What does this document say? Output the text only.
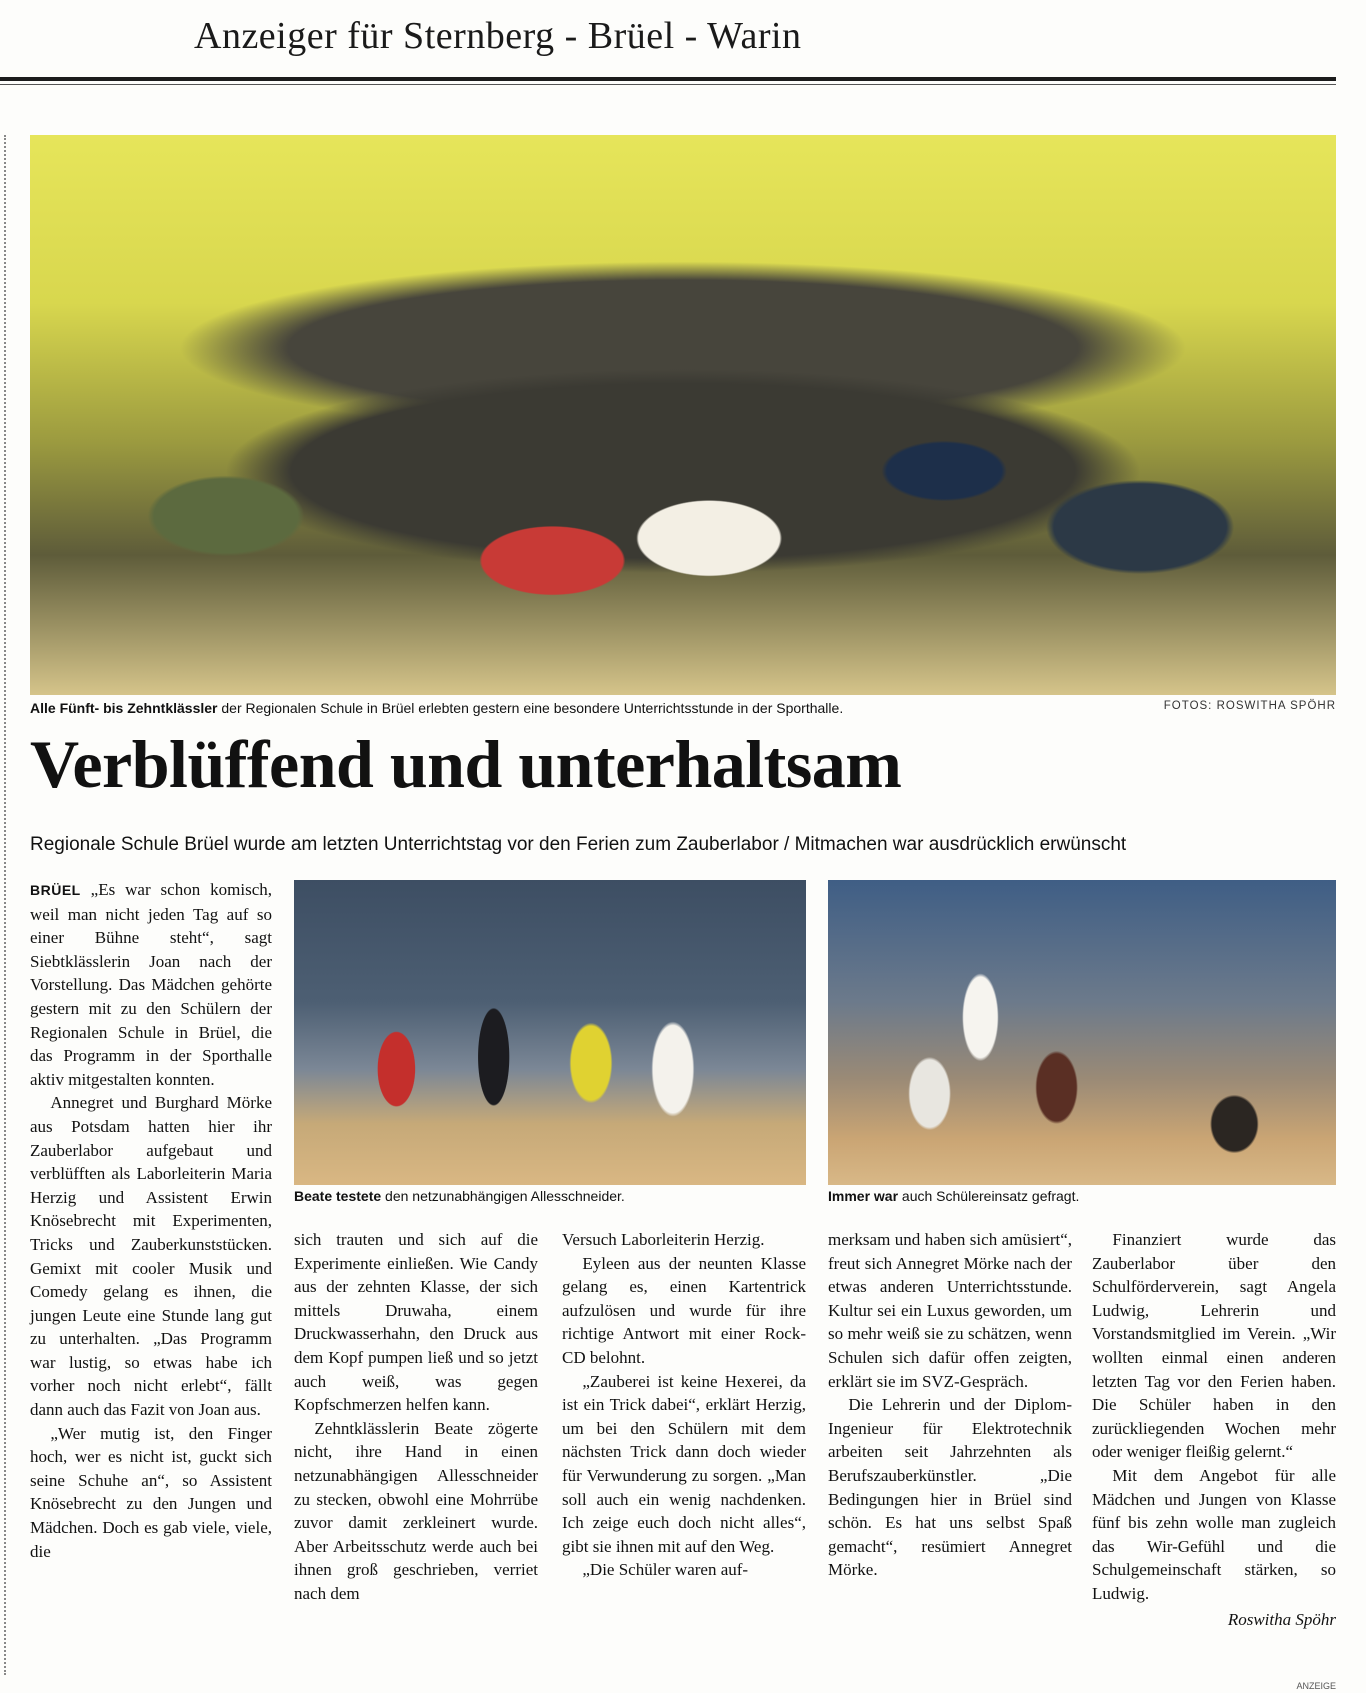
Anzeiger für Sternberg - Brüel - Warin
Alle Fünft- bis Zehntklässler der Regionalen Schule in Brüel erlebten gestern eine besondere Unterrichtsstunde in der Sporthalle.	FOTOS: ROSWITHA SPÖHR
Verblüffend und unterhaltsam
Regionale Schule Brüel wurde am letzten Unterrichtstag vor den Ferien zum Zauberlabor / Mitmachen war ausdrücklich erwünscht

BRÜEL „Es war schon komisch, weil man nicht jeden Tag auf so einer Bühne steht“, sagt Siebtklässlerin Joan nach der Vorstellung. Das Mädchen gehörte gestern mit zu den Schülern der Regionalen Schule in Brüel, die das Programm in der Sporthalle aktiv mitgestalten konnten.

Annegret und Burghard Mörke aus Potsdam hatten hier ihr Zauberlabor aufgebaut und verblüfften als Laborleiterin Maria Herzig und Assistent Erwin Knösebrecht mit Experimenten, Tricks und Zauberkunststücken. Gemixt mit cooler Musik und Comedy gelang es ihnen, die jungen Leute eine Stunde lang gut zu unterhalten. „Das Programm war lustig, so etwas habe ich vorher noch nicht erlebt“, fällt dann auch das Fazit von Joan aus.

„Wer mutig ist, den Finger hoch, wer es nicht ist, guckt sich seine Schuhe an“, so Assistent Knösebrecht zu den Jungen und Mädchen. Doch es gab viele, viele, die

Beate testete den netzunabhängigen Allesschneider.	Immer war auch Schülereinsatz gefragt.

sich trauten und sich auf die Experimente einließen. Wie Candy aus der zehnten Klasse, der sich mittels Druwaha, einem Druckwasserhahn, den Druck aus dem Kopf pumpen ließ und so jetzt auch weiß, was gegen Kopfschmerzen helfen kann.

Zehntklässlerin Beate zögerte nicht, ihre Hand in einen netzunabhängigen Allesschneider zu stecken, obwohl eine Mohrrübe zuvor damit zerkleinert wurde. Aber Arbeitsschutz werde auch bei ihnen groß geschrieben, verriet nach dem

Versuch Laborleiterin Herzig.

Eyleen aus der neunten Klasse gelang es, einen Kartentrick aufzulösen und wurde für ihre richtige Antwort mit einer Rock-CD belohnt.

„Zauberei ist keine Hexerei, da ist ein Trick dabei“, erklärt Herzig, um bei den Schülern mit dem nächsten Trick dann doch wieder für Verwunderung zu sorgen. „Man soll auch ein wenig nachdenken. Ich zeige euch doch nicht alles“, gibt sie ihnen mit auf den Weg.

„Die Schüler waren auf-

merksam und haben sich amüsiert“, freut sich Annegret Mörke nach der etwas anderen Unterrichtsstunde. Kultur sei ein Luxus geworden, um so mehr weiß sie zu schätzen, wenn Schulen sich dafür offen zeigten, erklärt sie im SVZ-Gespräch.

Die Lehrerin und der Diplom-Ingenieur für Elektrotechnik arbeiten seit Jahrzehnten als Berufszauberkünstler. „Die Bedingungen hier in Brüel sind schön. Es hat uns selbst Spaß gemacht“, resümiert Annegret Mörke.

Finanziert wurde das Zauberlabor über den Schulförderverein, sagt Angela Ludwig, Lehrerin und Vorstandsmitglied im Verein. „Wir wollten einmal einen anderen letzten Tag vor den Ferien haben. Die Schüler haben in den zurückliegenden Wochen mehr oder weniger fleißig gelernt.“

Mit dem Angebot für alle Mädchen und Jungen von Klasse fünf bis zehn wolle man zugleich das Wir-Gefühl und die Schulgemeinschaft stärken, so Ludwig.

Roswitha Spöhr
ANZEIGE
